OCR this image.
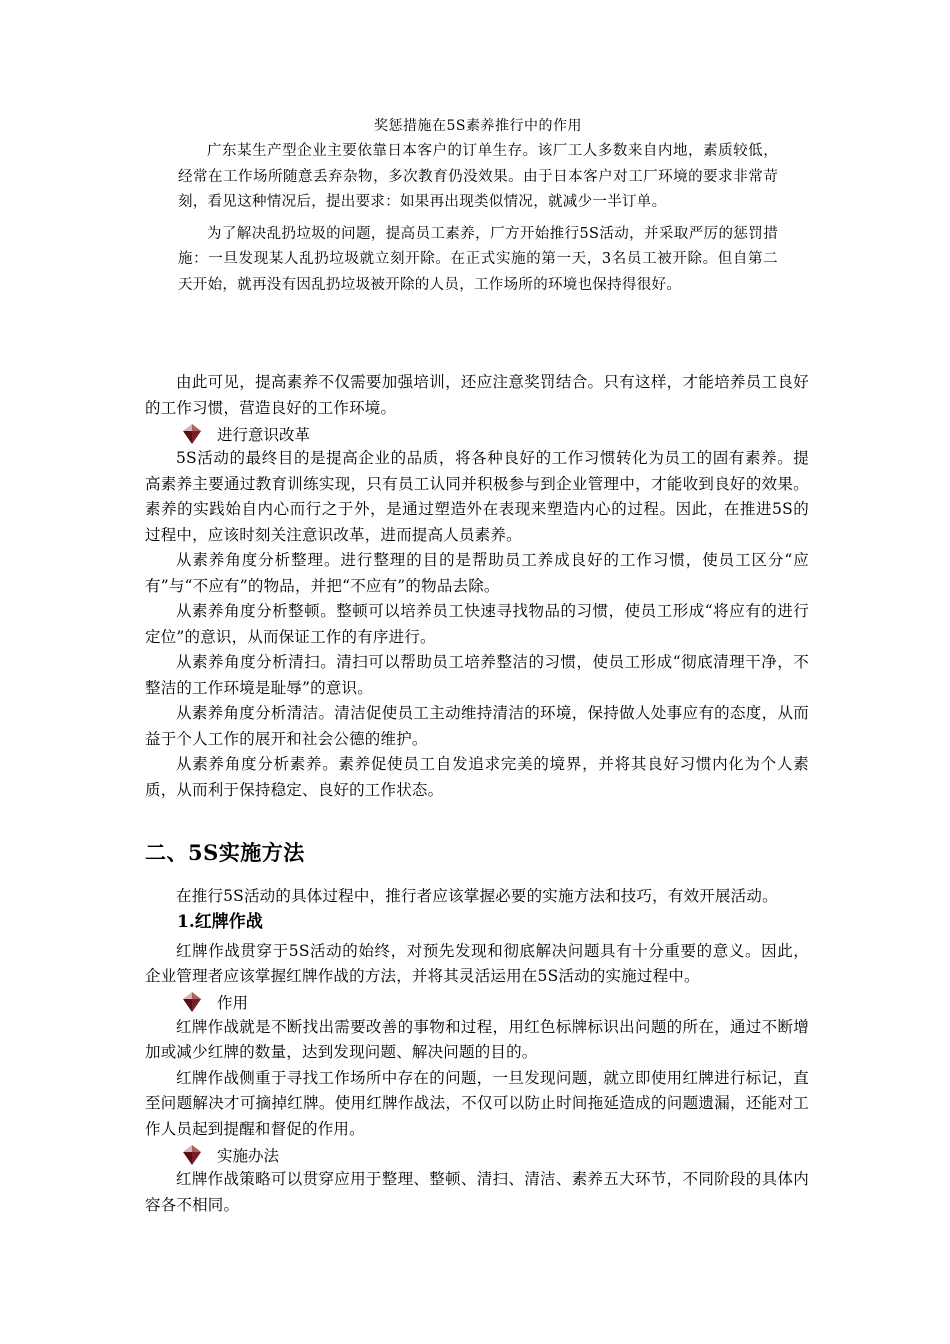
奖惩措施在5S素养推行中的作用

广东某生产型企业主要依靠日本客户的订单生存。该厂工人多数来自内地，素质较低，经常在工作场所随意丢弃杂物，多次教育仍没效果。由于日本客户对工厂环境的要求非常苛刻，看见这种情况后，提出要求：如果再出现类似情况，就减少一半订单。

为了解决乱扔垃圾的问题，提高员工素养，厂方开始推行5S活动，并采取严厉的惩罚措施：一旦发现某人乱扔垃圾就立刻开除。在正式实施的第一天，3名员工被开除。但自第二天开始，就再没有因乱扔垃圾被开除的人员，工作场所的环境也保持得很好。

由此可见，提高素养不仅需要加强培训，还应注意奖罚结合。只有这样，才能培养员工良好的工作习惯，营造良好的工作环境。

进行意识改革

5S活动的最终目的是提高企业的品质，将各种良好的工作习惯转化为员工的固有素养。提高素养主要通过教育训练实现，只有员工认同并积极参与到企业管理中，才能收到良好的效果。素养的实践始自内心而行之于外，是通过塑造外在表现来塑造内心的过程。因此，在推进5S的过程中，应该时刻关注意识改革，进而提高人员素养。

从素养角度分析整理。进行整理的目的是帮助员工养成良好的工作习惯，使员工区分“应有”与“不应有”的物品，并把“不应有”的物品去除。

从素养角度分析整顿。整顿可以培养员工快速寻找物品的习惯，使员工形成“将应有的进行定位”的意识，从而保证工作的有序进行。

从素养角度分析清扫。清扫可以帮助员工培养整洁的习惯，使员工形成“彻底清理干净，不整洁的工作环境是耻辱”的意识。

从素养角度分析清洁。清洁促使员工主动维持清洁的环境，保持做人处事应有的态度，从而益于个人工作的展开和社会公德的维护。

从素养角度分析素养。素养促使员工自发追求完美的境界，并将其良好习惯内化为个人素质，从而利于保持稳定、良好的工作状态。

二、5S实施方法

在推行5S活动的具体过程中，推行者应该掌握必要的实施方法和技巧，有效开展活动。

1.红牌作战

红牌作战贯穿于5S活动的始终，对预先发现和彻底解决问题具有十分重要的意义。因此，企业管理者应该掌握红牌作战的方法，并将其灵活运用在5S活动的实施过程中。

作用

红牌作战就是不断找出需要改善的事物和过程，用红色标牌标识出问题的所在，通过不断增加或减少红牌的数量，达到发现问题、解决问题的目的。

红牌作战侧重于寻找工作场所中存在的问题，一旦发现问题，就立即使用红牌进行标记，直至问题解决才可摘掉红牌。使用红牌作战法，不仅可以防止时间拖延造成的问题遗漏，还能对工作人员起到提醒和督促的作用。

实施办法

红牌作战策略可以贯穿应用于整理、整顿、清扫、清洁、素养五大环节，不同阶段的具体内容各不相同。
